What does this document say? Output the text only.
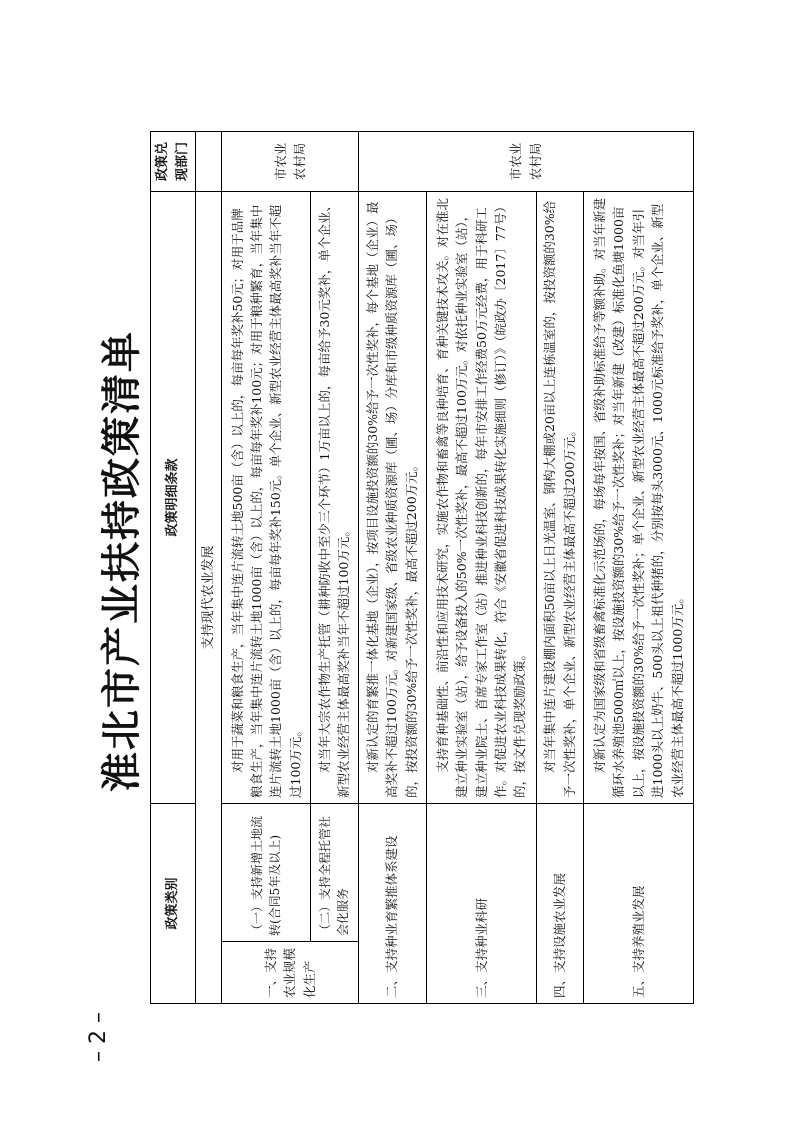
– 2 –
淮北市产业扶持政策清单
政策类别		政策明细条款	政策兑现部门
支持现代农业发展			
一、支持农业规模化生产	（一）支持新增土地流转(合同5年及以上)	对用于蔬菜和粮食生产，当年集中连片流转土地500亩（含）以上的，每亩每年奖补50元；对用于品牌粮食生产，当年集中连片流转土地1000亩（含）以上的，每亩每年奖补100元；对用于粮种繁育，当年集中连片流转土地1000亩（含）以上的，每亩每年奖补150元。单个企业、新型农业经营主体最高奖补当年不超过100万元。	市农业农村局
	（二）支持全程托管社会化服务	对当年大宗农作物生产托管（耕种防收中至少三个环节）1万亩以上的，每亩给予30元奖补，单个企业、新型农业经营主体最高奖补当年不超过100万元。	

二、支持种业育繁推体系建设		对新认定的育繁推一体化基地（企业），按项目设施投资额的30%给予一次性奖补，每个基地（企业）最高奖补不超过100万元。对新建国家级、省级农业种质资源库（圃、场）分库和市级种质资源库（圃、场）的，按投资额的30%给予一次性奖补，最高不超过200万元。	市农业农村局
三、支持种业科研		支持育种基础性、前沿性和应用技术研究，实施农作物和畜禽等良种培育、育种关键技术攻关。对在淮北建立种业实验室（站），给予设备投入的50%一次性奖补，最高不超过100万元。对依托种业实验室（站），建立种业院士、首席专家工作室（站）推进种业科技创新的，每年市安排工作经费50万元经费，用于科研工作。对促进农业科技成果转化，符合《安徽省促进科技成果转化实施细则（修订）》（皖政办〔2017〕77号）的，按文件兑现奖励政策。	

四、支持设施农业发展		对当年集中连片建设棚内面积50亩以上日光温室、钢构大棚或20亩以上连栋温室的，按投资额的30%给予一次性奖补，单个企业、新型农业经营主体最高不超过200万元。	

五、支持养殖业发展		对新认定为国家级和省级畜禽标准化示范场的，每场每年按国、省级补助标准给予等额补助。对当年新建循环水养殖池5000㎡以上，按设施投资额的30%给予一次性奖补；对当年新建（改建）标准化鱼塘1000亩以上，按设施投资额的30%给予一次性奖补；单个企业、新型农业经营主体最高不超过200万元。对当年引进1000头以上奶牛、500头以上祖代种猪的，分别按每头3000元、1000元标准给予奖补，单个企业、新型农业经营主体最高不超过1000万元。	
